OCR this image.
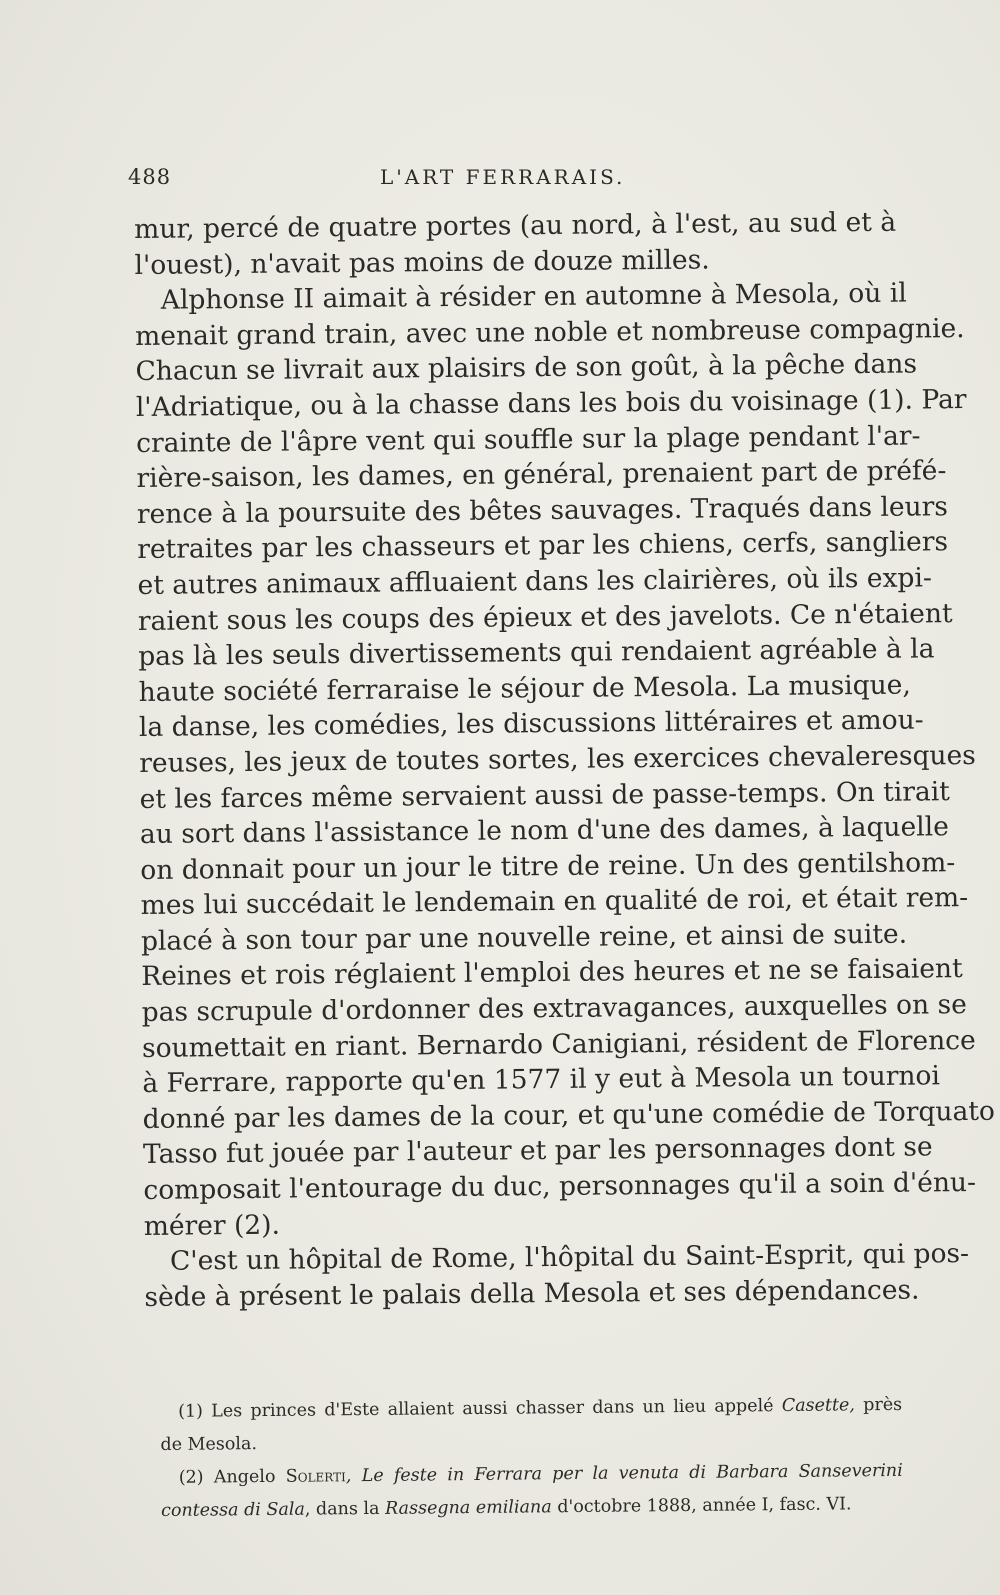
488	L'ART FERRARAIS.
mur, percé de quatre portes (au nord, à l'est, au sud et à
l'ouest), n'avait pas moins de douze milles.
Alphonse II aimait à résider en automne à Mesola, où il
menait grand train, avec une noble et nombreuse compagnie.
Chacun se livrait aux plaisirs de son goût, à la pêche dans
l'Adriatique, ou à la chasse dans les bois du voisinage (1). Par
crainte de l'âpre vent qui souffle sur la plage pendant l'ar-
rière-saison, les dames, en général, prenaient part de préfé-
rence à la poursuite des bêtes sauvages. Traqués dans leurs
retraites par les chasseurs et par les chiens, cerfs, sangliers
et autres animaux affluaient dans les clairières, où ils expi-
raient sous les coups des épieux et des javelots. Ce n'étaient
pas là les seuls divertissements qui rendaient agréable à la
haute société ferraraise le séjour de Mesola. La musique,
la danse, les comédies, les discussions littéraires et amou-
reuses, les jeux de toutes sortes, les exercices chevaleresques
et les farces même servaient aussi de passe-temps. On tirait
au sort dans l'assistance le nom d'une des dames, à laquelle
on donnait pour un jour le titre de reine. Un des gentilshom-
mes lui succédait le lendemain en qualité de roi, et était rem-
placé à son tour par une nouvelle reine, et ainsi de suite.
Reines et rois réglaient l'emploi des heures et ne se faisaient
pas scrupule d'ordonner des extravagances, auxquelles on se
soumettait en riant. Bernardo Canigiani, résident de Florence
à Ferrare, rapporte qu'en 1577 il y eut à Mesola un tournoi
donné par les dames de la cour, et qu'une comédie de Torquato
Tasso fut jouée par l'auteur et par les personnages dont se
composait l'entourage du duc, personnages qu'il a soin d'énu-
mérer (2).
C'est un hôpital de Rome, l'hôpital du Saint-Esprit, qui pos-
sède à présent le palais della Mesola et ses dépendances.
(1) Les princes d'Este allaient aussi chasser dans un lieu appelé Casette, près
de Mesola.
(2) Angelo Solerti, Le feste in Ferrara per la venuta di Barbara Sanseverini
contessa di Sala, dans la Rassegna emiliana d'octobre 1888, année I, fasc. VI.
